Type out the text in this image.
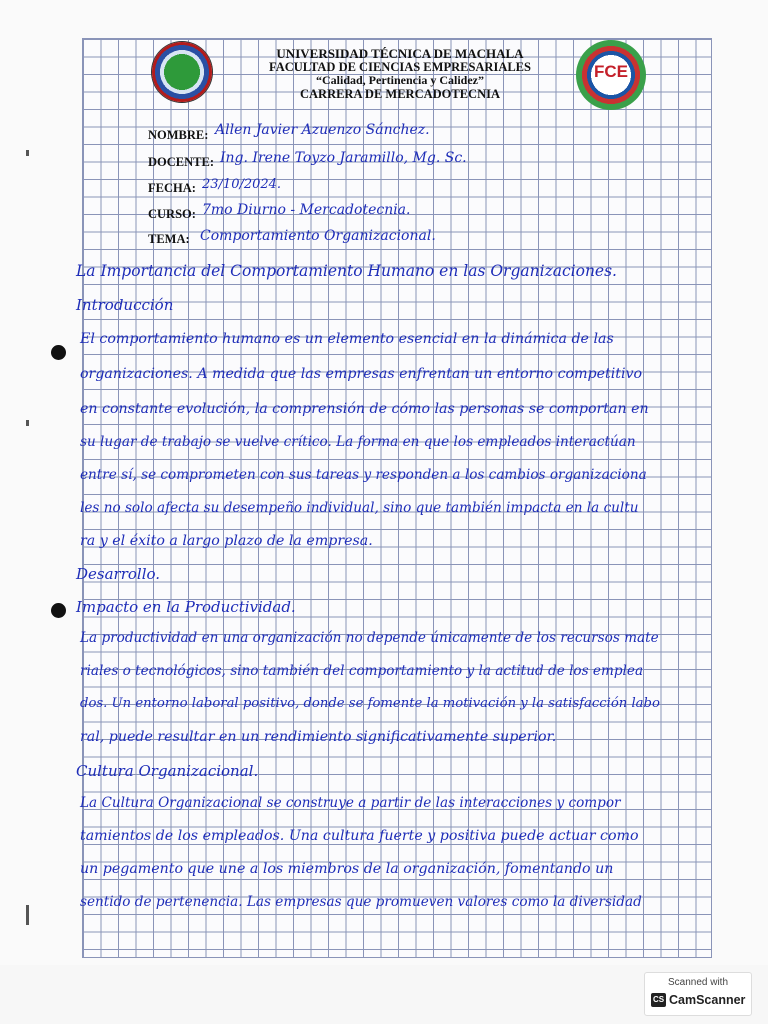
FCE
UNIVERSIDAD TÉCNICA DE MACHALA
FACULTAD DE CIENCIAS EMPRESARIALES
“Calidad, Pertinencia y Calidez”
CARRERA DE MERCADOTECNIA
NOMBRE: Allen Javier Azuenzo Sánchez.
DOCENTE: Ing. Irene Toyzo Jaramillo, Mg. Sc.
FECHA: 23/10/2024.
CURSO: 7mo Diurno - Mercadotecnia.
TEMA: Comportamiento Organizacional.
La Importancia del Comportamiento Humano en las Organizaciones.
Introducción
El comportamiento humano es un elemento esencial en la dinámica de las
organizaciones. A medida que las empresas enfrentan un entorno competitivo
en constante evolución, la comprensión de cómo las personas se comportan en
su lugar de trabajo se vuelve crítico. La forma en que los empleados interactúan
entre sí, se comprometen con sus tareas y responden a los cambios organizaciona
les no solo afecta su desempeño individual, sino que también impacta en la cultu
ra y el éxito a largo plazo de la empresa.
Desarrollo.
Impacto en la Productividad.
La productividad en una organización no depende únicamente de los recursos mate
riales o tecnológicos, sino también del comportamiento y la actitud de los emplea
dos. Un entorno laboral positivo, donde se fomente la motivación y la satisfacción labo
ral, puede resultar en un rendimiento significativamente superior.
Cultura Organizacional.
La Cultura Organizacional se construye a partir de las interacciones y compor
tamientos de los empleados. Una cultura fuerte y positiva puede actuar como
un pegamento que une a los miembros de la organización, fomentando un
sentido de pertenencia. Las empresas que promueven valores como la diversidad
Scanned with
CS CamScanner
